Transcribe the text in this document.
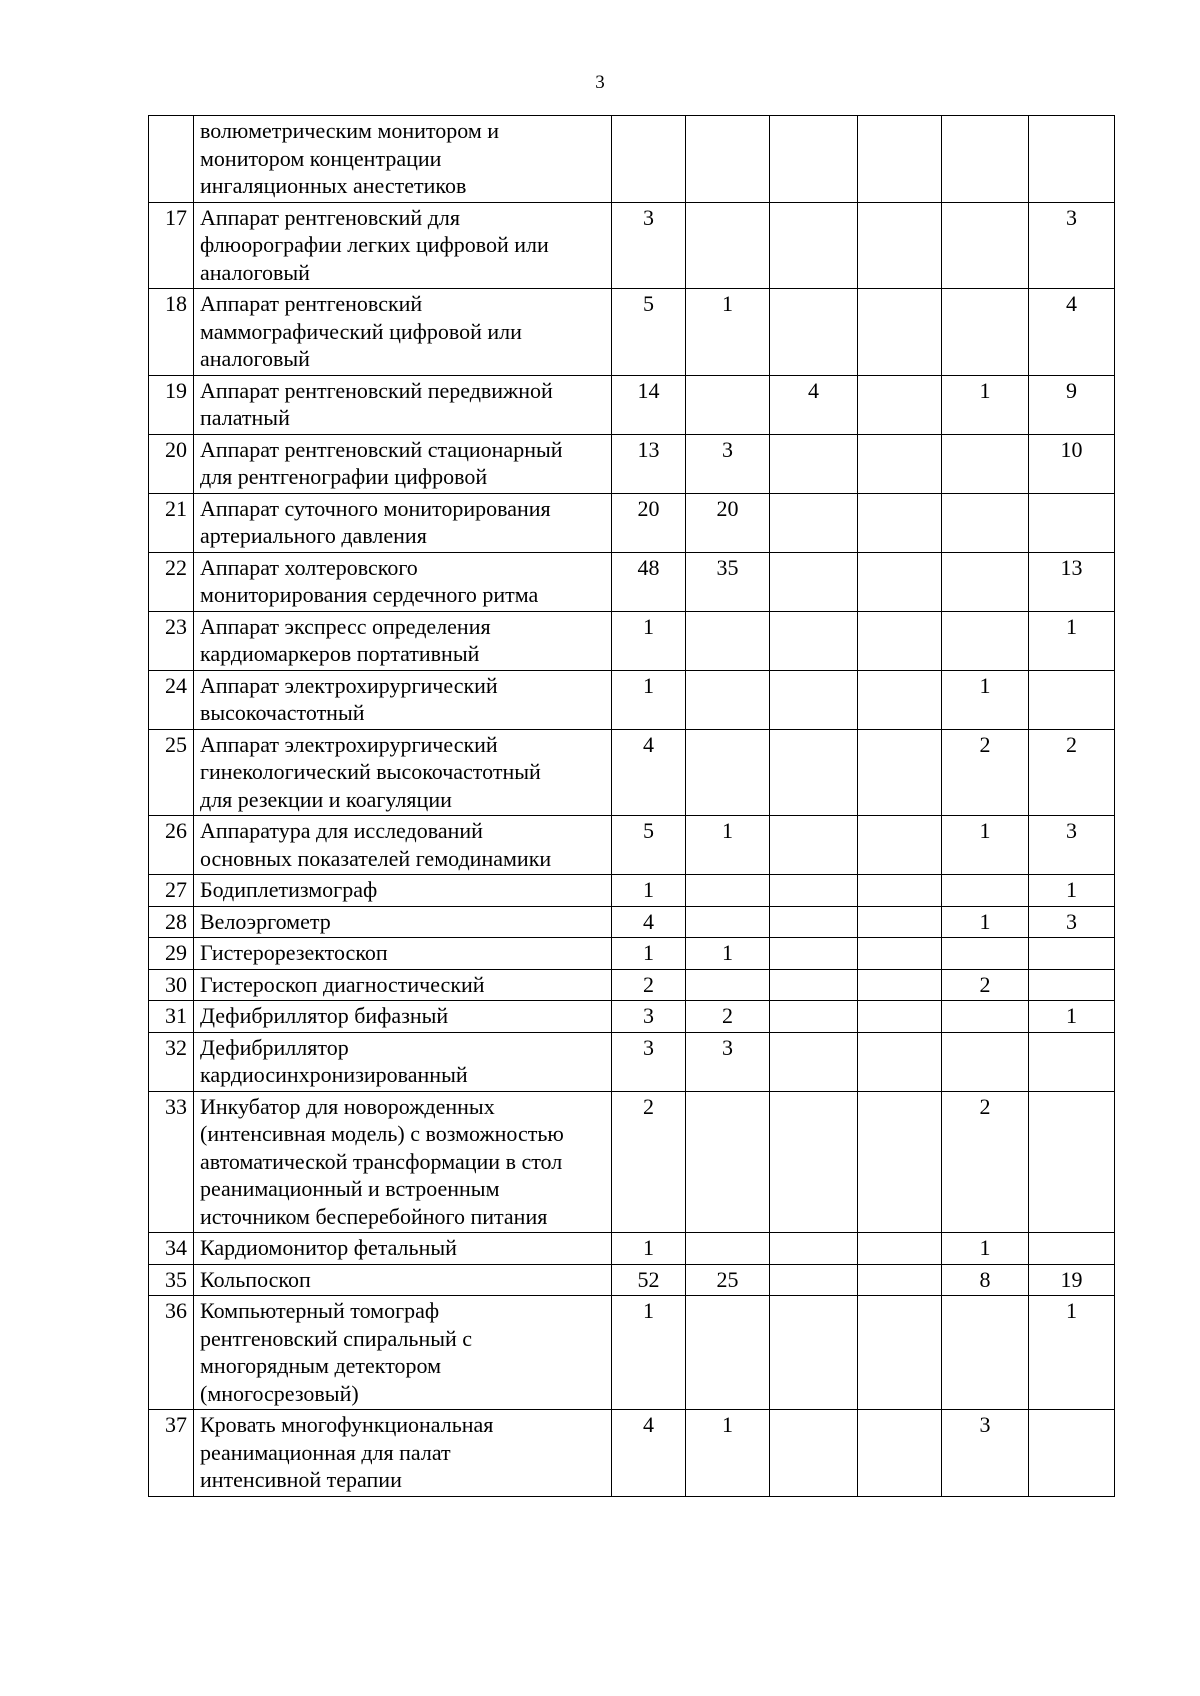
3

	волюметрическим монитором и
монитором концентрации
ингаляционных анестетиков						

17	Аппарат рентгеновский для
флюорографии легких цифровой или
аналоговый	3					3
18	Аппарат рентгеновский
маммографический цифровой или
аналоговый	5	1				4
19	Аппарат рентгеновский передвижной
палатный	14		4		1	9
20	Аппарат рентгеновский стационарный
для рентгенографии цифровой	13	3				10
21	Аппарат суточного мониторирования
артериального давления	20	20				
22	Аппарат холтеровского
мониторирования сердечного ритма	48	35				13
23	Аппарат экспресс определения
кардиомаркеров портативный	1					1
24	Аппарат электрохирургический
высокочастотный	1				1	
25	Аппарат электрохирургический
гинекологический высокочастотный
для резекции и коагуляции	4				2	2
26	Аппаратура для исследований
основных показателей гемодинамики	5	1			1	3
27	Бодиплетизмограф	1					1
28	Велоэргометр	4				1	3
29	Гистерорезектоскоп	1	1				
30	Гистероскоп диагностический	2				2	
31	Дефибриллятор бифазный	3	2				1
32	Дефибриллятор
кардиосинхронизированный	3	3				
33	Инкубатор для новорожденных
(интенсивная модель) с возможностью
автоматической трансформации в стол
реанимационный и встроенным
источником бесперебойного питания	2				2	
34	Кардиомонитор фетальный	1				1	
35	Кольпоскоп	52	25			8	19
36	Компьютерный томограф
рентгеновский спиральный с
многорядным детектором
(многосрезовый)	1					1
37	Кровать многофункциональная
реанимационная для палат
интенсивной терапии	4	1			3	
